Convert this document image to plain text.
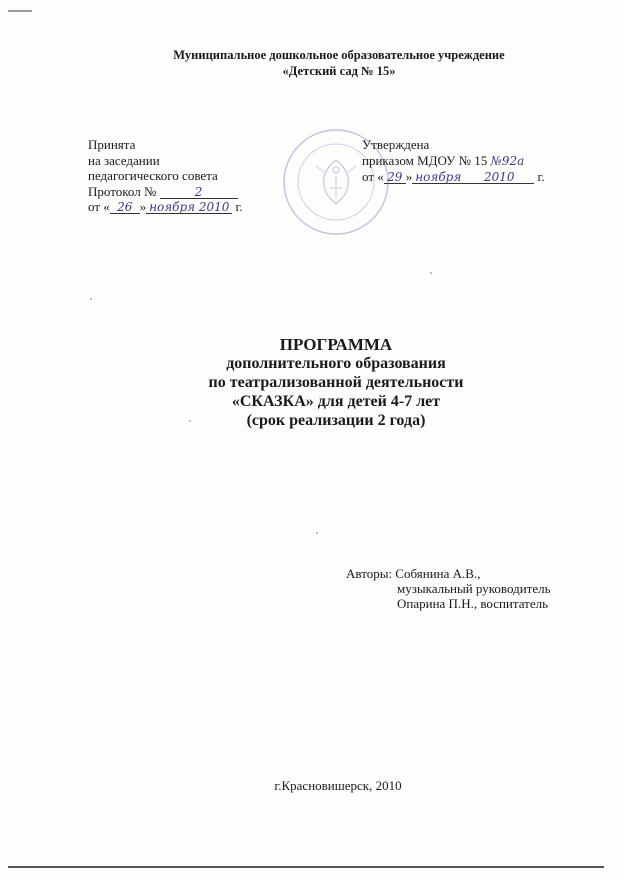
Муниципальное дошкольное образовательное учреждение
«Детский сад № 15»
Принята
на заседании
педагогического совета
Протокол №	2
от « 26 » ноября 2010 г.
Утверждена
приказом МДОУ № 15 №92а
от « 29 » ноября 2010 г.
ПРОГРАММА
дополнительного образования
по театрализованной деятельности
«СКАЗКА» для детей 4-7 лет
(срок реализации 2 года)
Авторы: Собянина А.В.,
музыкальный руководитель
Опарина П.Н., воспитатель
г.Красновишерск, 2010
